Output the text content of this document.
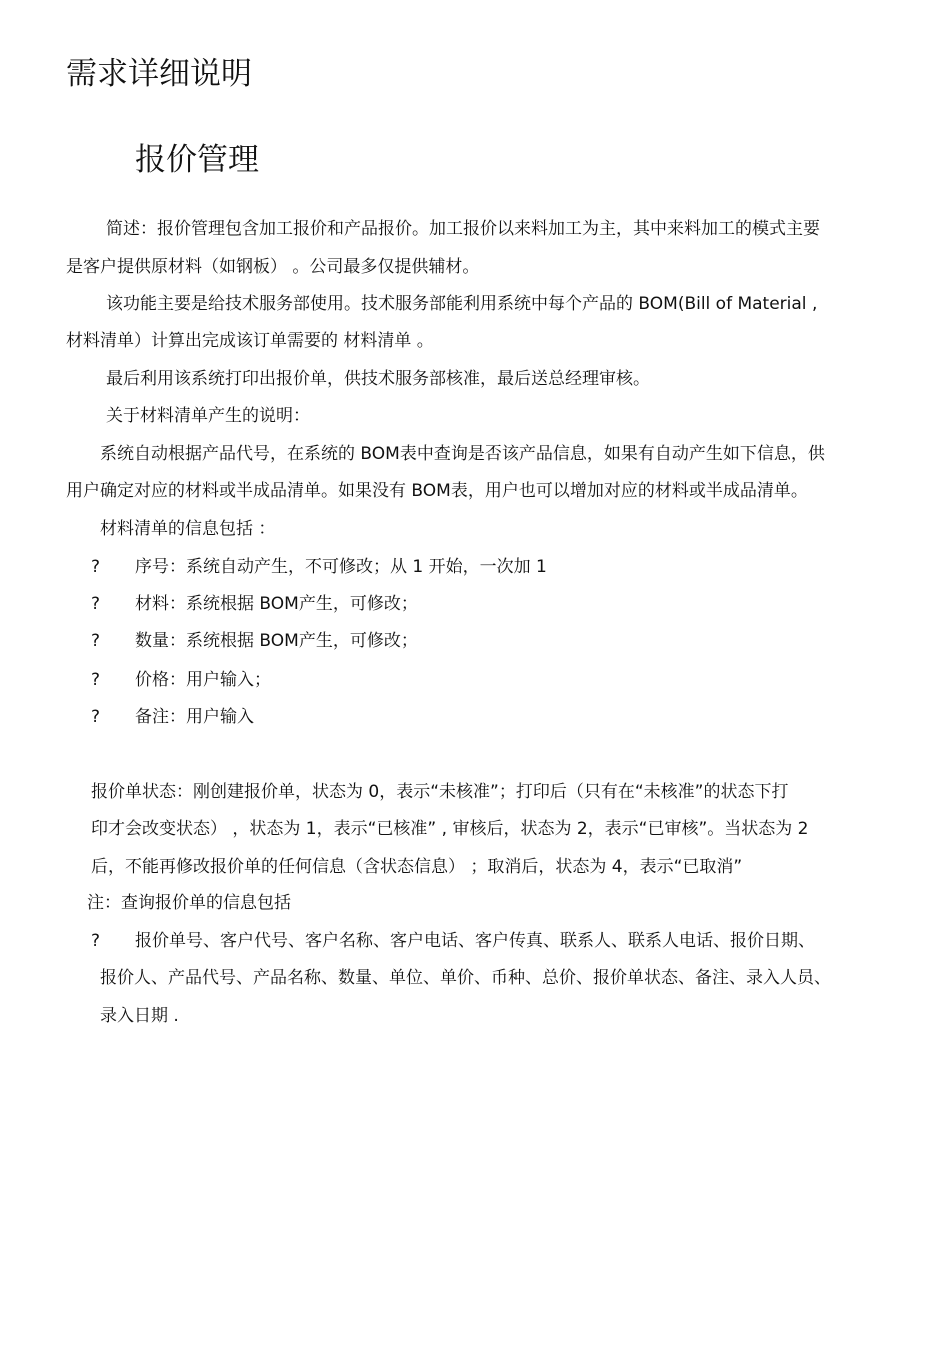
需求详细说明
报价管理
简述：报价管理包含加工报价和产品报价。加工报价以来料加工为主，其中来料加工的模式主要
是客户提供原材料（如钢板） 。公司最多仅提供辅材。
该功能主要是给技术服务部使用。技术服务部能利用系统中每个产品的 BOM(Bill of Material ,
材料清单）计算出完成该订单需要的 材料清单 。
最后利用该系统打印出报价单，供技术服务部核准，最后送总经理审核。
关于材料清单产生的说明：
系统自动根据产品代号，在系统的 BOM表中查询是否该产品信息，如果有自动产生如下信息，供
用户确定对应的材料或半成品清单。如果没有 BOM表，用户也可以增加对应的材料或半成品清单。
材料清单的信息包括 ：
? 序号：系统自动产生，不可修改；从 1 开始，一次加 1
? 材料：系统根据 BOM产生，可修改；
? 数量：系统根据 BOM产生，可修改；
? 价格：用户输入；
? 备注：用户输入
报价单状态：刚创建报价单，状态为 0，表示“未核准”；打印后（只有在“未核准”的状态下打
印才会改变状态） ，状态为 1，表示“已核准” , 审核后，状态为 2，表示“已审核”。当状态为 2
后，不能再修改报价单的任何信息（含状态信息） ；取消后，状态为 4，表示“已取消”
注：查询报价单的信息包括
? 报价单号、客户代号、客户名称、客户电话、客户传真、联系人、联系人电话、报价日期、
报价人、产品代号、产品名称、数量、单位、单价、币种、总价、报价单状态、备注、录入人员、
录入日期 .
